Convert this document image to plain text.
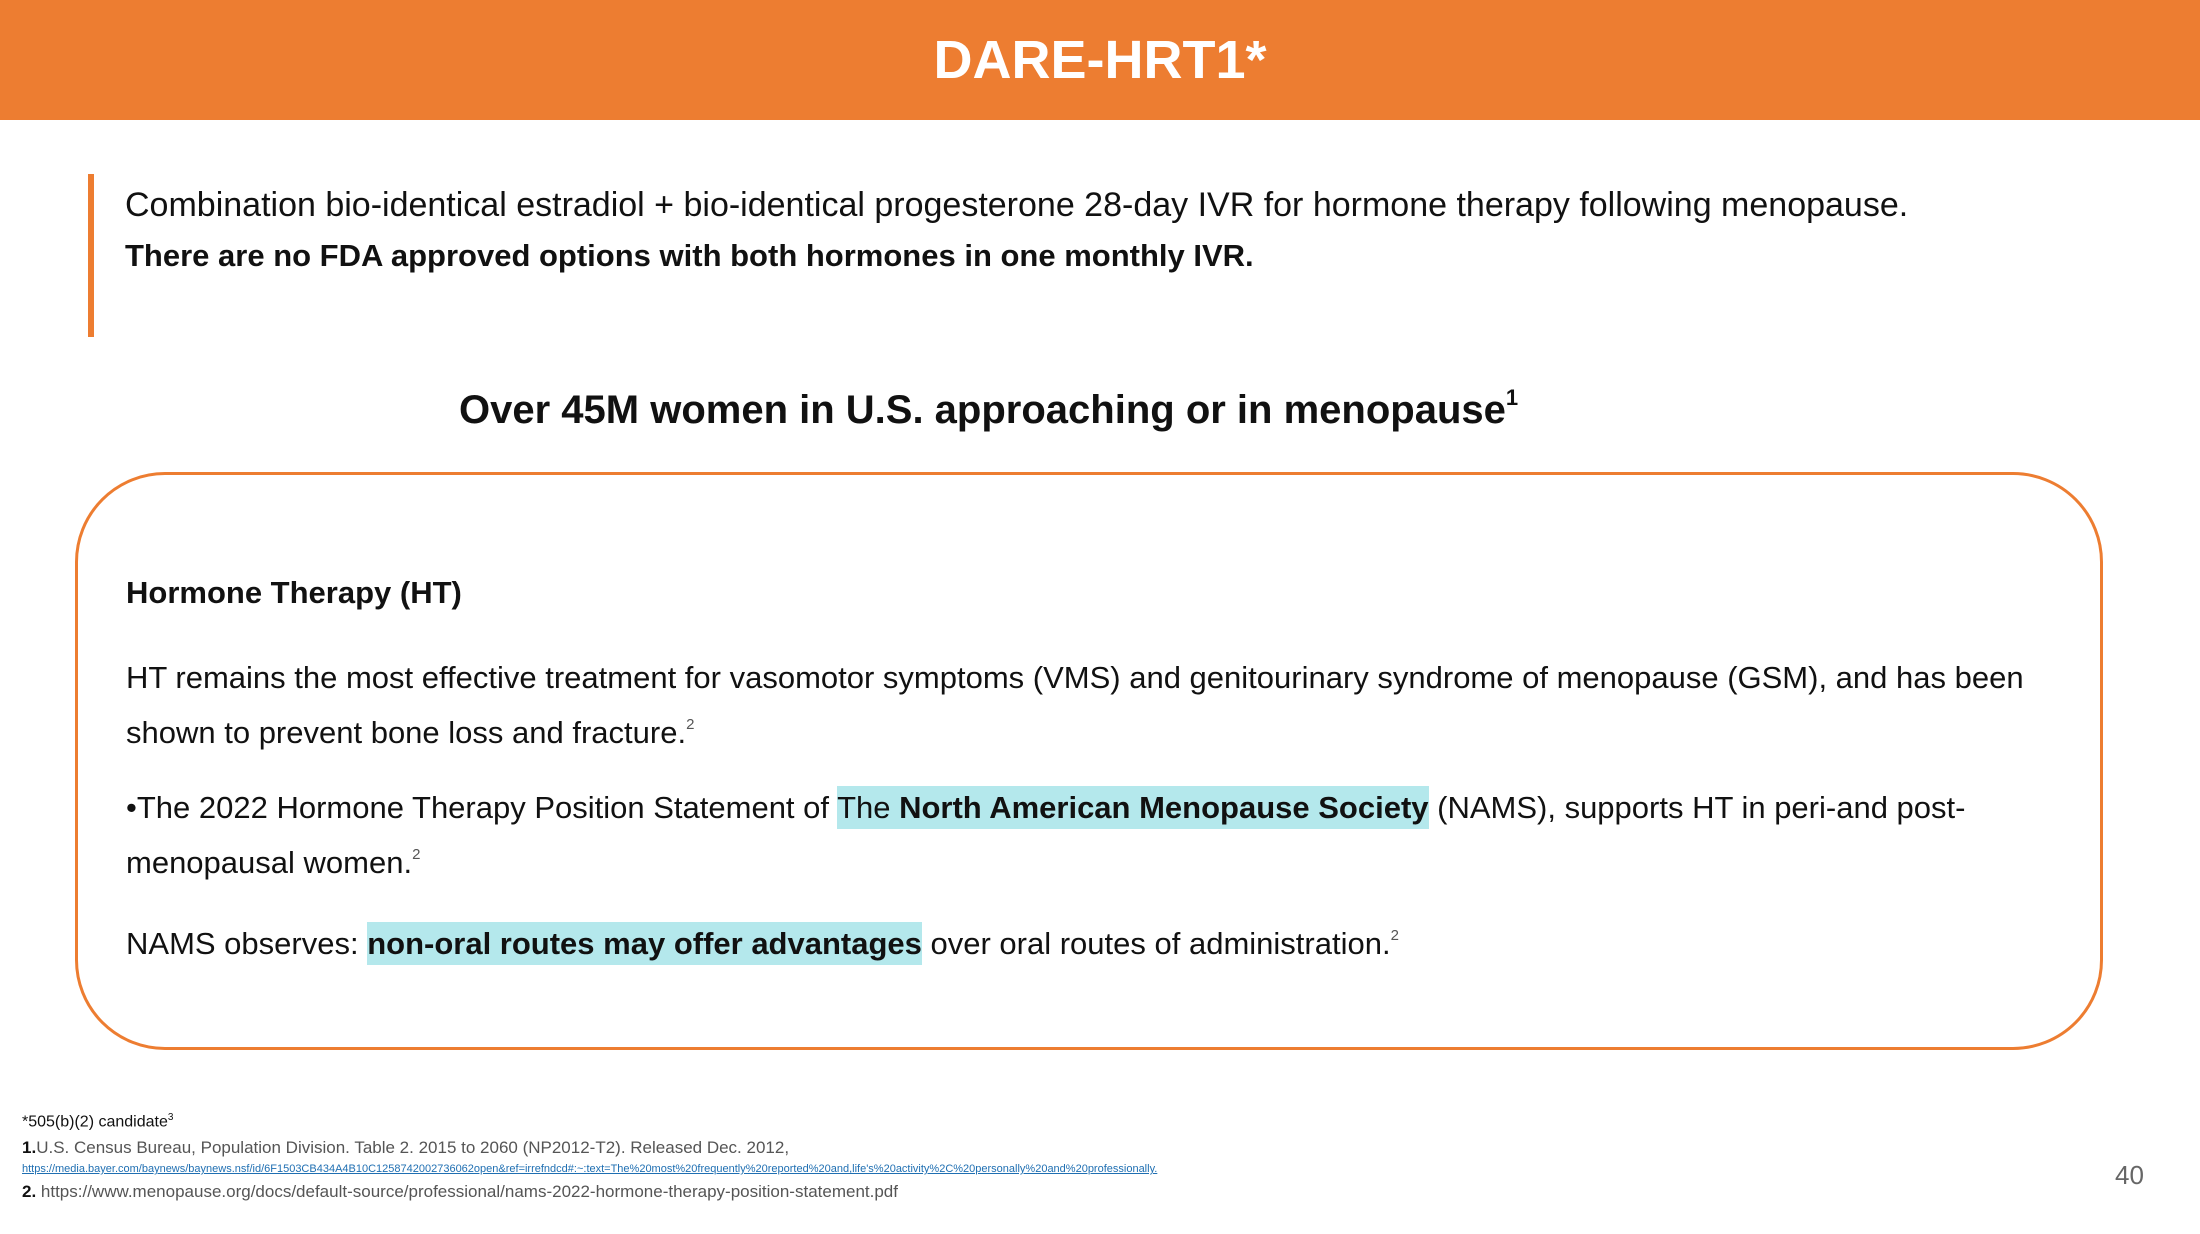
DARE-HRT1*
Combination bio-identical estradiol + bio-identical progesterone 28-day IVR for hormone therapy following menopause.
There are no FDA approved options with both hormones in one monthly IVR.
Over 45M women in U.S. approaching or in menopause$^1$
Hormone Therapy (HT)
HT remains the most effective treatment for vasomotor symptoms (VMS) and genitourinary syndrome of menopause (GSM), and has been shown to prevent bone loss and fracture.$^2$
•The 2022 Hormone Therapy Position Statement of The North American Menopause Society (NAMS), supports HT in peri-and post-menopausal women.$^2$
NAMS observes: non-oral routes may offer advantages over oral routes of administration.$^2$
*505(b)(2) candidate$^3$
1.U.S. Census Bureau, Population Division. Table 2. 2015 to 2060 (NP2012-T2). Released Dec. 2012,
https://media.bayer.com/baynews/baynews.nsf/id/6F1503CB434A4B10C1258742002736062open&ref=irrefndcd#:~:text=The%20most%20frequently%20reported%20and,life's%20activity%2C%20personally%20and%20professionally.
2. https://www.menopause.org/docs/default-source/professional/nams-2022-hormone-therapy-position-statement.pdf
40
